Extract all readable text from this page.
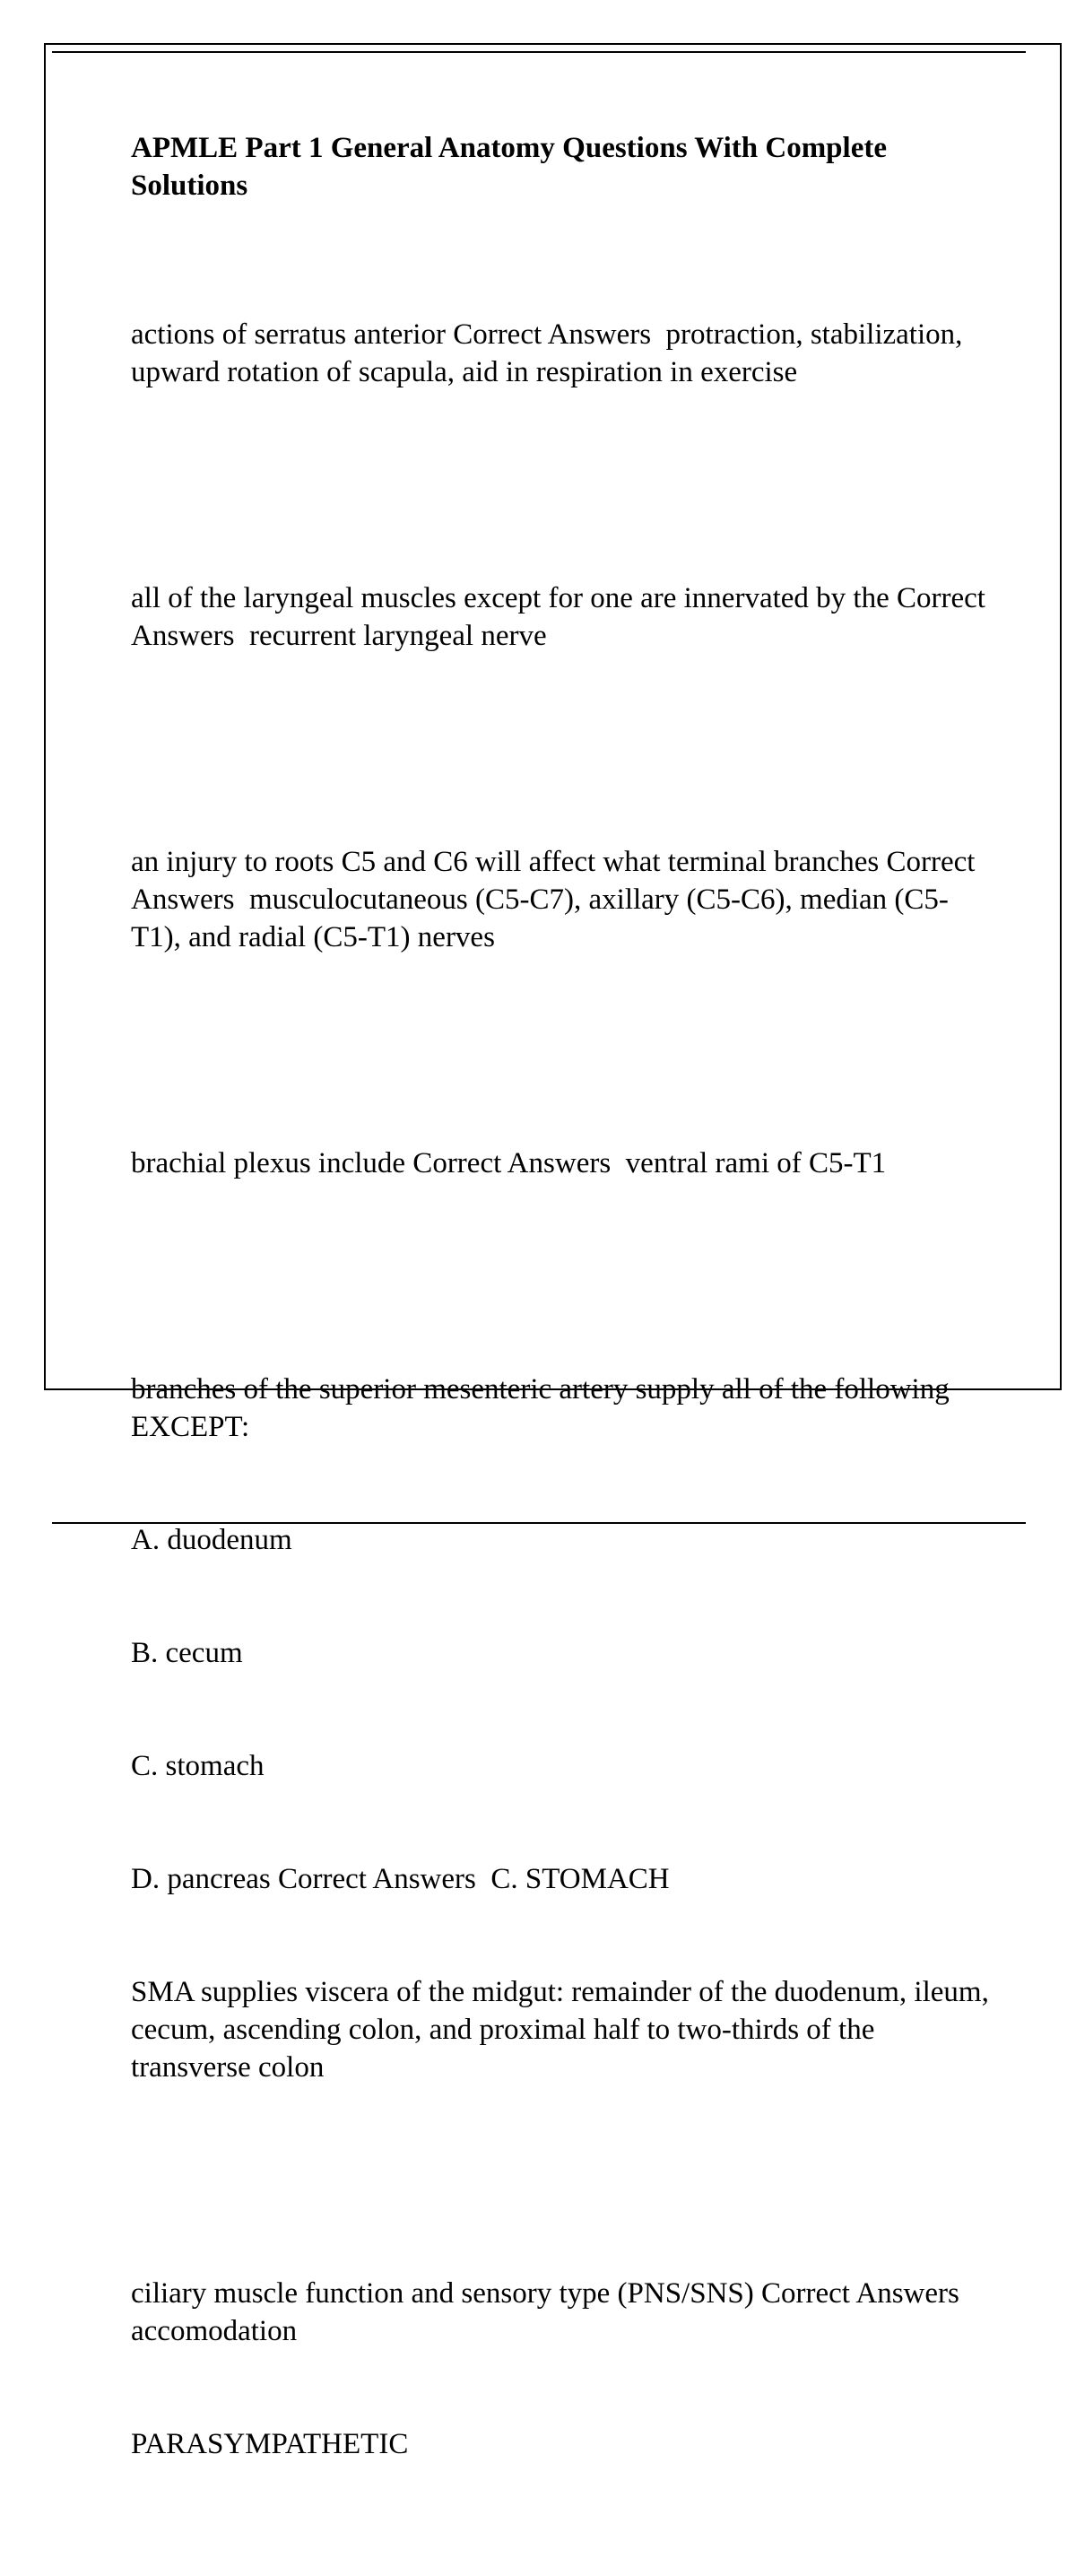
APMLE Part 1 General Anatomy Questions With Complete Solutions

actions of serratus anterior Correct Answers  protraction, stabilization, upward rotation of scapula, aid in respiration in exercise

all of the laryngeal muscles except for one are innervated by the Correct Answers  recurrent laryngeal nerve

an injury to roots C5 and C6 will affect what terminal branches Correct Answers  musculocutaneous (C5-C7), axillary (C5-C6), median (C5-T1), and radial (C5-T1) nerves

brachial plexus include Correct Answers  ventral rami of C5-T1

branches of the superior mesenteric artery supply all of the following EXCEPT:

A. duodenum

B. cecum

C. stomach

D. pancreas Correct Answers  C. STOMACH

SMA supplies viscera of the midgut: remainder of the duodenum, ileum, cecum, ascending colon, and proximal half to two-thirds of the transverse colon

ciliary muscle function and sensory type (PNS/SNS) Correct Answers  accomodation

PARASYMPATHETIC
